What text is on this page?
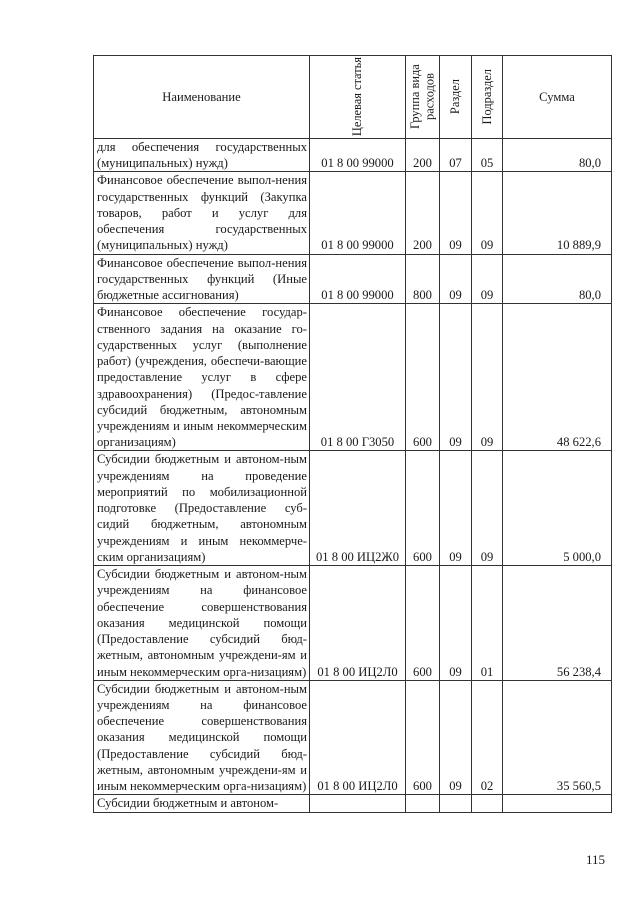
Наименование	Целевая статья	Группа вида расходов	Раздел	Подраздел	Сумма
для обеспечения государственных (муниципальных) нужд)	01 8 00 99000	200	07	05	80,0
Финансовое обеспечение выпол-нения государственных функций (Закупка товаров, работ и услуг для обеспечения государственных (муниципальных) нужд)	01 8 00 99000	200	09	09	10 889,9
Финансовое обеспечение выпол-нения государственных функций (Иные бюджетные ассигнования)	01 8 00 99000	800	09	09	80,0
Финансовое обеспечение государ-ственного задания на оказание го-сударственных услуг (выполнение работ) (учреждения, обеспечи-вающие предоставление услуг в сфере здравоохранения) (Предос-тавление субсидий бюджетным, автономным учреждениям и иным некоммерческим организациям)	01 8 00 Г3050	600	09	09	48 622,6
Субсидии бюджетным и автоном-ным учреждениям на проведение мероприятий по мобилизационной подготовке (Предоставление суб-сидий бюджетным, автономным учреждениям и иным некоммерче-ским организациям)	01 8 00 ИЦ2Ж0	600	09	09	5 000,0
Субсидии бюджетным и автоном-ным учреждениям на финансовое обеспечение совершенствования оказания медицинской помощи (Предоставление субсидий бюд-жетным, автономным учреждени-ям и иным некоммерческим орга-низациям)	01 8 00 ИЦ2Л0	600	09	01	56 238,4
Субсидии бюджетным и автоном-ным учреждениям на финансовое обеспечение совершенствования оказания медицинской помощи (Предоставление субсидий бюд-жетным, автономным учреждени-ям и иным некоммерческим орга-низациям)	01 8 00 ИЦ2Л0	600	09	02	35 560,5
Субсидии бюджетным и автоном-					
115
